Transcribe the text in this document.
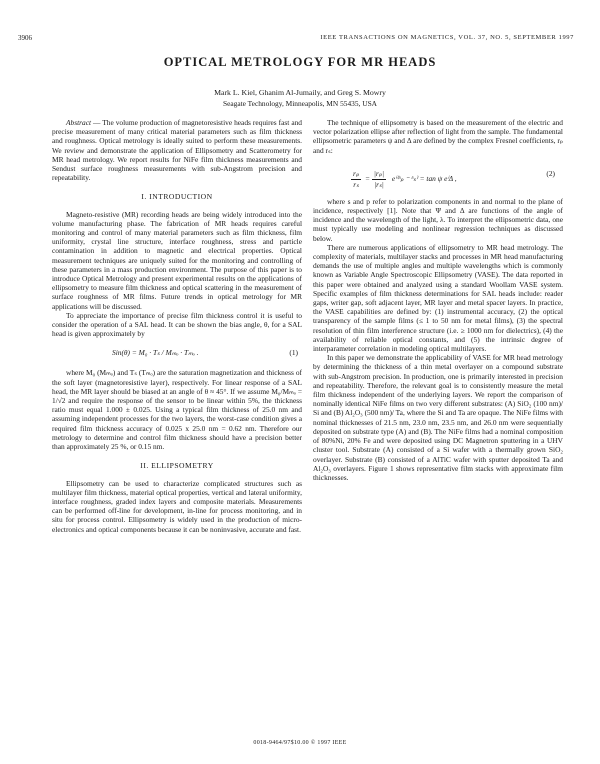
3906	IEEE TRANSACTIONS ON MAGNETICS, VOL. 37, NO. 5, SEPTEMBER 1997
OPTICAL METROLOGY FOR MR HEADS
Mark L. Kiel, Ghanim Al-Jumaily, and Greg S. Mowry
Seagate Technology, Minneapolis, MN 55435, USA

Abstract — The volume production of magnetoresistive heads requires fast and precise measurement of many critical material parameters such as film thickness and roughness. Optical metrology is ideally suited to perform these measurements. We review and demonstrate the application of Ellipsometry and Scatterometry for MR head metrology. We report results for NiFe film thickness measurements and Sendust surface roughness measurements with sub-Angstrom precision and repeatability.

I. INTRODUCTION

Magneto-resistive (MR) recording heads are being widely introduced into the volume manufacturing phase. The fabrication of MR heads requires careful monitoring and control of many material parameters such as film thickness, film uniformity, crystal line structure, interface roughness, stress and particle contamination in addition to magnetic and electrical properties. Optical measurement techniques are uniquely suited for the monitoring and controlling of these parameters in a mass production environment. The purpose of this paper is to introduce Optical Metrology and present experimental results on the applications of ellipsometry to measure film thickness and optical scattering in the measurement of surface roughness of MR films. Future trends in optical metrology for MR applications will be discussed.

To appreciate the importance of precise film thickness control it is useful to consider the operation of a SAL head. It can be shown the bias angle, θ, for a SAL head is given approximately by

Sin(θ) = M₀ · Tₛ / Mₘₒ · Tₘₒ .	(1)

where M₀ (Mₘₒ) and Tₛ (Tₘₒ) are the saturation magnetization and thickness of the soft layer (magnetoresistive layer), respectively. For linear response of a SAL head, the MR layer should be biased at an angle of θ ≈ 45°. If we assume M₀/Mₘₒ = 1/√2 and require the response of the sensor to be linear within 5%, the thickness ratio must equal 1.000 ± 0.025. Using a typical film thickness of 25.0 nm and assuming independent processes for the two layers, the worst-case condition gives a required film thickness accuracy of 0.025 x 25.0 nm = 0.62 nm. Therefore our metrology to determine and control film thickness should have a precision better than approximately 25 %, or 0.15 nm.

II. ELLIPSOMETRY

Ellipsometry can be used to characterize complicated structures such as multilayer film thickness, material optical properties, vertical and lateral uniformity, interface roughness, graded index layers and composite materials. Measurements can be performed off-line for development, in-line for process monitoring, and in situ for process control. Ellipsometry is widely used in the production of micro-electronics and optical components because it can be noninvasive, accurate and fast.

The technique of ellipsometry is based on the measurement of the electric and vector polarization ellipse after reflection of light from the sample. The fundamental ellipsometric parameters ψ and Δ are defined by the complex Fresnel coefficients, rₚ and rₛ:

$\frac{\text{rₚ}}{\text{rₛ}} = \frac{\text{|rₚ|}}{\text{|rₛ|}}$ eⁱ⁽ᵟₚ ⁻ ᵟₛ⁾ = tan ψ eⁱΔ ,
(2)

where s and p refer to polarization components in and normal to the plane of incidence, respectively [1]. Note that Ψ and Δ are functions of the angle of incidence and the wavelength of the light, λ. To interpret the ellipsometric data, one must typically use modeling and nonlinear regression techniques as discussed below.

There are numerous applications of ellipsometry to MR head metrology. The complexity of materials, multilayer stacks and processes in MR head manufacturing demands the use of multiple angles and multiple wavelengths which is commonly known as Variable Angle Spectroscopic Ellipsometry (VASE). The data reported in this paper were obtained and analyzed using a standard Woollam VASE system. Specific examples of film thickness determinations for SAL heads include: reader gaps, writer gap, soft adjacent layer, MR layer and metal spacer layers. In practice, the VASE capabilities are defined by: (1) instrumental accuracy, (2) the optical transparency of the sample films (≤ 1 to 50 nm for metal films), (3) the spectral resolution of thin film interference structure (i.e. ≥ 1000 nm for dielectrics), (4) the availability of reliable optical constants, and (5) the intrinsic degree of interparameter correlation in modeling optical multilayers.

In this paper we demonstrate the applicability of VASE for MR head metrology by determining the thickness of a thin metal overlayer on a compound substrate with sub-Angstrom precision. In production, one is primarily interested in precision and repeatability. Therefore, the relevant goal is to consistently measure the metal film thickness independent of the underlying layers. We report the comparison of nominally identical NiFe films on two very different substrates: (A) SiO₂ (100 nm)/ Si and (B) Al₂O₃ (500 nm)/ Ta, where the Si and Ta are opaque. The NiFe films with nominal thicknesses of 21.5 nm, 23.0 nm, 23.5 nm, and 26.0 nm were sequentially deposited on substrate type (A) and (B). The NiFe films had a nominal composition of 80%Ni, 20% Fe and were deposited using DC Magnetron sputtering in a UHV cluster tool. Substrate (A) consisted of a Si wafer with a thermally grown SiO₂ overlayer. Substrate (B) consisted of a AlTiC wafer with sputter deposited Ta and Al₂O₃ overlayers. Figure 1 shows representative film stacks with approximate film thicknesses.

0018-9464/97$10.00 © 1997 IEEE
